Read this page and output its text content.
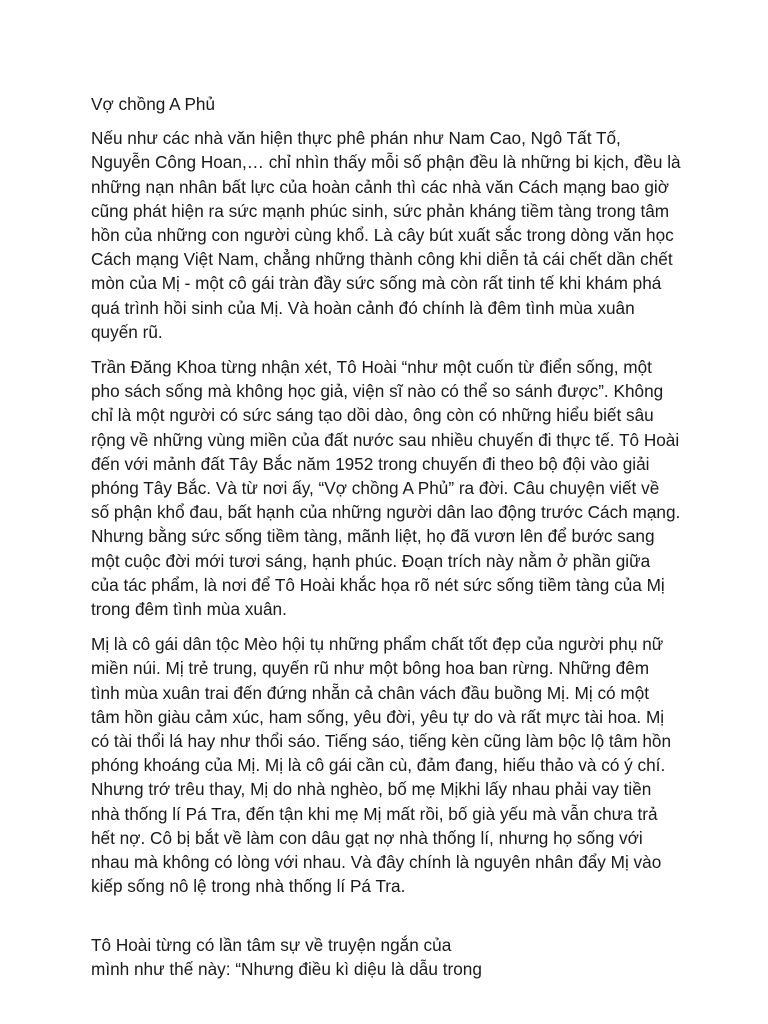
Vợ chồng A Phủ

Nếu như các nhà văn hiện thực phê phán như Nam Cao, Ngô Tất Tố, Nguyễn Công Hoan,… chỉ nhìn thấy mỗi số phận đều là những bi kịch, đều là những nạn nhân bất lực của hoàn cảnh thì các nhà văn Cách mạng bao giờ cũng phát hiện ra sức mạnh phúc sinh, sức phản kháng tiềm tàng trong tâm hồn của những con người cùng khổ. Là cây bút xuất sắc trong dòng văn học Cách mạng Việt Nam, chẳng những thành công khi diễn tả cái chết dần chết mòn của Mị - một cô gái tràn đầy sức sống mà còn rất tinh tế khi khám phá quá trình hồi sinh của Mị. Và hoàn cảnh đó chính là đêm tình mùa xuân quyến rũ.

Trần Đăng Khoa từng nhận xét, Tô Hoài “như một cuốn từ điển sống, một pho sách sống mà không học giả, viện sĩ nào có thể so sánh được”. Không chỉ là một người có sức sáng tạo dồi dào, ông còn có những hiểu biết sâu rộng về những vùng miền của đất nước sau nhiều chuyến đi thực tế. Tô Hoài đến với mảnh đất Tây Bắc năm 1952 trong chuyến đi theo bộ đội vào giải phóng Tây Bắc. Và từ nơi ấy, “Vợ chồng A Phủ” ra đời. Câu chuyện viết về số phận khổ đau, bất hạnh của những người dân lao động trước Cách mạng. Nhưng bằng sức sống tiềm tàng, mãnh liệt, họ đã vươn lên để bước sang một cuộc đời mới tươi sáng, hạnh phúc. Đoạn trích này nằm ở phần giữa của tác phẩm, là nơi để Tô Hoài khắc họa rõ nét sức sống tiềm tàng của Mị trong đêm tình mùa xuân.

Mị là cô gái dân tộc Mèo hội tụ những phẩm chất tốt đẹp của người phụ nữ miền núi. Mị trẻ trung, quyến rũ như một bông hoa ban rừng. Những đêm tình mùa xuân trai đến đứng nhẵn cả chân vách đầu buồng Mị. Mị có một tâm hồn giàu cảm xúc, ham sống, yêu đời, yêu tự do và rất mực tài hoa. Mị có tài thổi lá hay như thổi sáo. Tiếng sáo, tiếng kèn cũng làm bộc lộ tâm hồn phóng khoáng của Mị. Mị là cô gái cần cù, đảm đang, hiếu thảo và có ý chí. Nhưng trớ trêu thay, Mị do nhà nghèo, bố mẹ Mịkhi lấy nhau phải vay tiền nhà thống lí Pá Tra, đến tận khi mẹ Mị mất rồi, bố già yếu mà vẫn chưa trả hết nợ. Cô bị bắt về làm con dâu gạt nợ nhà thống lí, nhưng họ sống với nhau mà không có lòng với nhau. Và đây chính là nguyên nhân đẩy Mị vào kiếp sống nô lệ trong nhà thống lí Pá Tra.

Tô Hoài từng có lần tâm sự về truyện ngắn của
mình như thế này: “Nhưng điều kì diệu là dẫu trong
